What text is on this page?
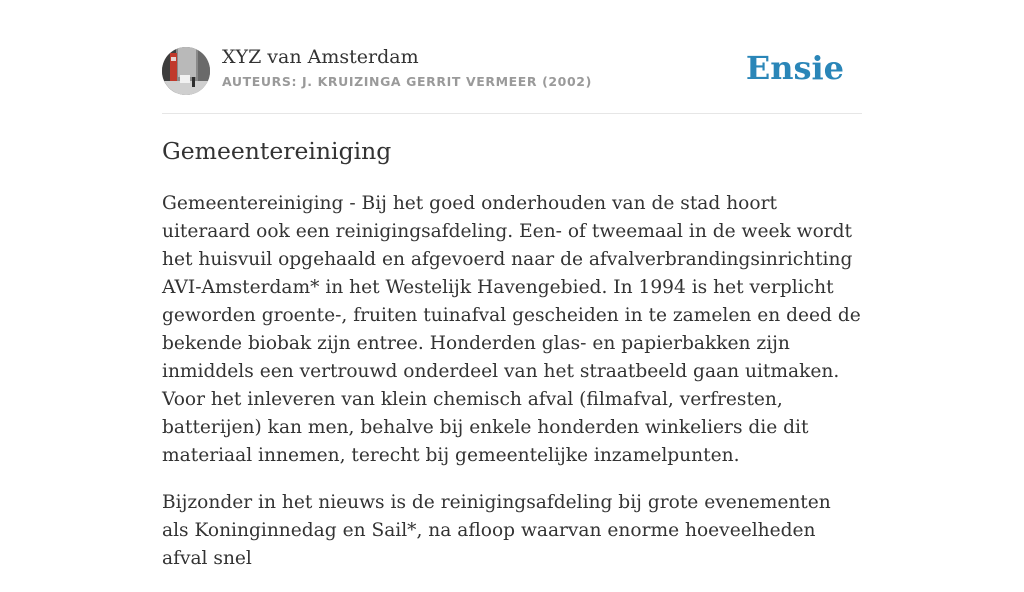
XYZ van Amsterdam
AUTEURS: J. KRUIZINGA GERRIT VERMEER (2002)	Ensie
Gemeentereiniging

Gemeentereiniging - Bij het goed onderhouden van de stad hoort uiteraard ook een reinigingsafdeling. Een- of tweemaal in de week wordt het huisvuil opgehaald en afgevoerd naar de afvalverbrandingsinrichting AVI-Amsterdam* in het Westelijk Havengebied. In 1994 is het verplicht geworden groente-, fruiten tuinafval gescheiden in te zamelen en deed de bekende biobak zijn entree. Honderden glas- en papierbakken zijn inmiddels een vertrouwd onderdeel van het straatbeeld gaan uitmaken. Voor het inleveren van klein chemisch afval (filmafval, verfresten, batterijen) kan men, behalve bij enkele honderden winkeliers die dit materiaal innemen, terecht bij gemeentelijke inzamelpunten.

Bijzonder in het nieuws is de reinigingsafdeling bij grote evenementen als Koninginnedag en Sail*, na afloop waarvan enorme hoeveelheden afval snel
